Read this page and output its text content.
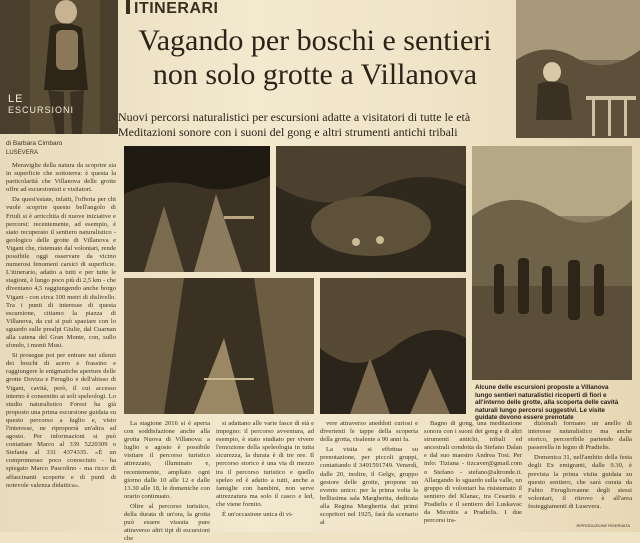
LE
ESCURSIONI
ITINERARI
Vagando per boschi e sentieri
non solo grotte a Villanova
Nuovi percorsi naturalistici per escursioni adatte a visitatori di tutte le età
Meditazioni sonore con i suoni del gong e altri strumenti antichi tribali
di Barbara Cimbaro
LUSEVERA

Meraviglie della natura da scoprire sia in superficie che sottoterra: è questa la particolarità che Villanova delle grotte offre ad escursionisti e visitatori.

Da quest'estate, infatti, l'offerta per chi vuole scoprire questo bell'angolo di Friuli si è arricchita di nuove iniziative e percorsi: recentemente, ad esempio, è stato recuperato il sentiero naturalistico - geologico delle grotte di Villanova e Vigant che, ristemato dal volontari, rende possibile oggi osservare da vicino numerosi fenomeni carsici di superficie. L'itinerario, adatto a tutti e per tutte le stagioni, è lungo poco più di 2,5 km - che diventano 4,5 raggiungendo anche borgo Vigant - con circa 100 metri di dislivello. Tra i punti di interesse di questa escursione, citiamo la piazza di Villanova, da cui si può spaziare con lo sguardo sulle prealpi Giulie, dal Cuarnan alla catena del Gran Monte, con, sullo sfondo, i monti Musi.

Si prosegue poi per entrare nei silenzi dei boschi di acero e frassino e raggiungere le enigmatiche aperture delle grotte Doviza e Feruglio e dell'abisso di Vigant, cavità, però, il cui accesso interno è consentito ai soli speleologi. Lo studio naturalistico Forest ha già proposto una prima escursione guidata su questo percorso a luglio e, visto l'interesse, ne riproporrà un'altra ad agosto. Per informazioni si può contattare Marco al 339 5220309 o Stefania al 331 4374335. «È un compromesso poco conosciuto - ha spiegato Marco Pascolino - ma ricco di affascinanti scoperte e di punti di notevole valenza didattica».

Alcune delle escursioni proposte a Villanova lungo sentieri naturalistici ricoperti di fiori e all'interno delle grotte, alla scoperta delle cavità naturali lungo percorsi suggestivi. Le visite guidate devono essere prenotate

La stagione 2016 si è aperta con soddisfazione anche alla grotta Nuova di Villanova: a luglio e agosto è possibile visitare il percorso turistico attrezzato, illuminato e, recentemente, ampliato ogni giorno dalle 10 alle 12 e dalle 13.30 alle 18, le domeniche con orario continuato.

Oltre al percorso turistico, della durata di un'ora, la grotta può essere vissuta pure attraverso altri tipi di escursioni che

si adattano alle varie fasce di età e impegno: il percorso avventura, ad esempio, è stato studiato per vivere l'emozione della speleologia in tutta sicurezza, la durata è di tre ore. Il percorso storico è una via di mezzo tra il percorso turistico e quello speleo ed è adatto a tutti, anche a famiglie con bambini, non serve attrezzatura ma solo il casco e led, che viene fornito.

È un'occasione unica di vi-

vere attraverso aneddoti curiosi e divertenti le tappe della scoperta della grotta, risalente a 90 anni fa.

La visita si effettua su prenotazione, per piccoli gruppi, contattando il 3491591749. Venerdì, dalle 20, inoltre, il Gelgv, gruppo gestore delle grotte, propone un evento unico: per la prima volta la bellissima sala Margherita, dedicata alla Regina Margherita dai primi scopritori nel 1925, farà da scenario al

Bagno di gong, una meditazione sonora con i suoni dei gong e di altri strumenti antichi, tribali ed ancestrali condotta da Stefano Dalan e dal suo maestro Andrea Tosi. Per info: Tiziana - tizcaver@gmail.com o Stefano - stefano@altronde.it. Allargando lo sguardo sulla valle, un gruppo di volontari ha risistemato il sentiero del Klanac, tra Cesariis e Pradielis e il sentiero del Luskavac da Micottis a Pradielis. I due percorsi tra-

dizionali formano un anello di interesse naturalistico ma anche storico, percorribile partendo dalla passerella in legno di Pradielis.

Domenica 31, nell'ambito della festa degli Ex emigranti, dalle 9.30, è prevista la prima visita guidata su questo sentiero, che sarà curata da Fabio Ferugliovanne degli stessi volontari, il ritrovo è all'area festeggiamenti di Lusevera.

RIPRODUZIONE RISERVATA
